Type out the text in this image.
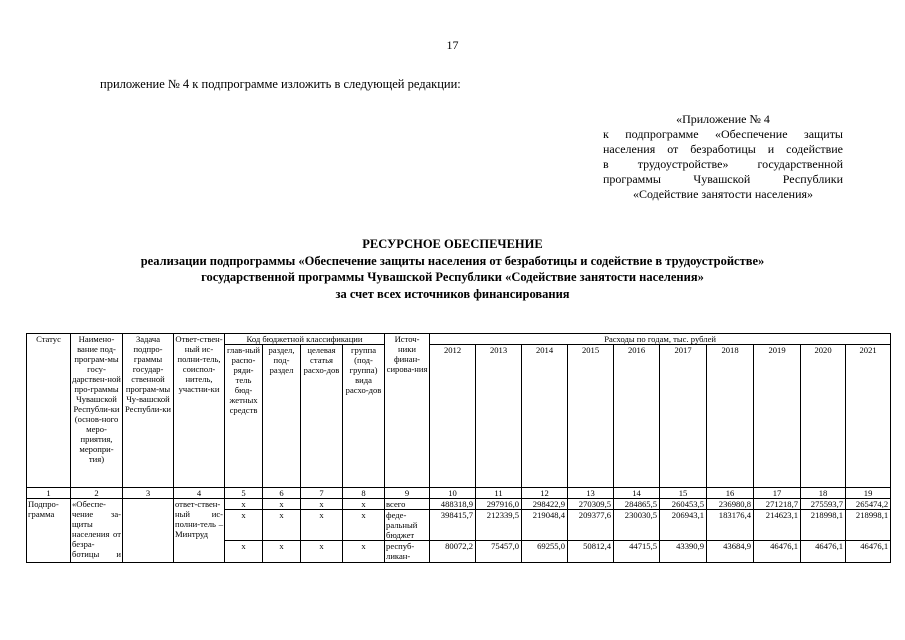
17
приложение № 4 к подпрограмме изложить в следующей редакции:
«Приложение № 4
к подпрограмме «Обеспечение защиты
населения от безработицы и содействие
в трудоустройстве» государственной
программы Чувашской Республики
«Содействие занятости населения»
РЕСУРСНОЕ ОБЕСПЕЧЕНИЕ
реализации подпрограммы «Обеспечение защиты населения от безработицы и содействие в трудоустройстве»
государственной программы Чувашской Республики «Содействие занятости населения»
за счет всех источников финансирования
Статус	Наимено-вание под-програм-мы госу-дарствен-ной про-граммы Чувашской Республи-ки (основ-ного меро-приятия, меропри-тия)	Задача подпро-граммы государ-ственной програм-мы Чу-вашской Республи-ки	Ответ-ствен-ный ис-полни-тель, соиспол-нитель, участни-ки	Код бюджетной классификации				Источ-ники финан-сирова-ния	Расходы по годам, тыс. рублей									
				глав-ный распо-ряди-тель бюд-жетных средств	раздел, под-раздел	целевая статья расхо-дов	группа (под-группа) вида расхо-дов		2012	2013	2014	2015	2016	2017	2018	2019	2020	2021
1	2	3	4	5	6	7	8	9	10	11	12	13	14	15	16	17	18	19
Подпро-грамма	«Обеспе-чение за-щиты населения от безра-ботицы и		ответ-ствен-ный ис-полни-тель – Минтруд	x	x	x	x	всего	488318,9	297916,0	298422,9	270309,5	284865,5	260453,5	236980,8	271218,7	275593,7	265474,2
				x	x	x	x	феде-ральный бюджет	398415,7	212339,5	219048,4	209377,6	230030,5	206943,1	183176,4	214623,1	218998,1	218998,1
				x	x	x	x	респуб-ликан-	80072,2	75457,0	69255,0	50812,4	44715,5	43390,9	43684,9	46476,1	46476,1	46476,1
